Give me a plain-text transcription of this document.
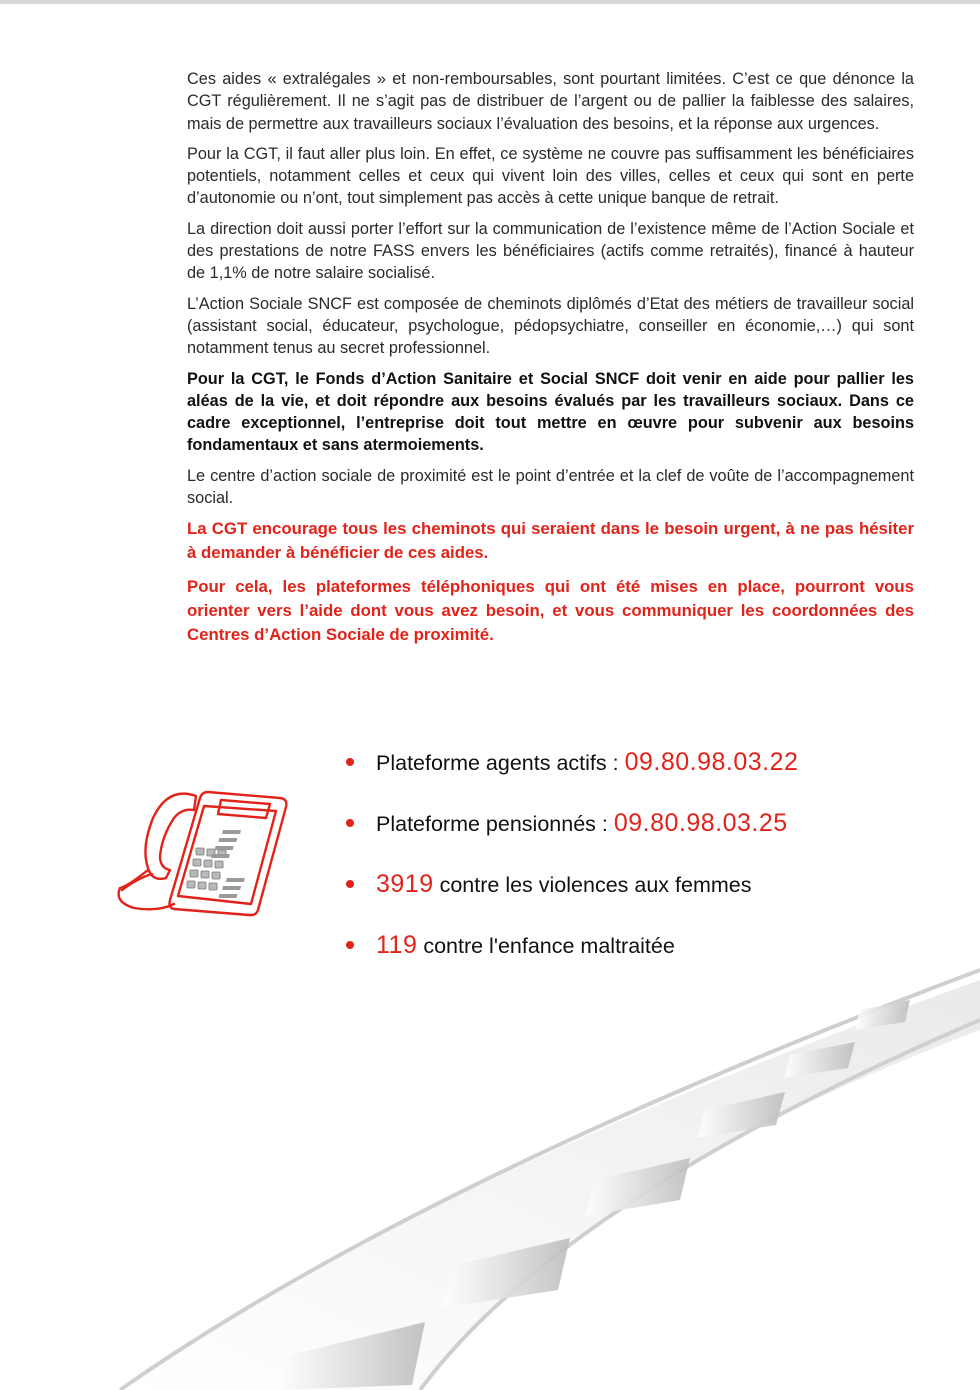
Ces aides « extralégales » et non-remboursables, sont pourtant limitées. C’est ce que dénonce la CGT régulièrement. Il ne s’agit pas de distribuer de l’argent ou de pallier la faiblesse des salaires, mais de permettre aux travailleurs sociaux l’évaluation des besoins, et la réponse aux urgences.

Pour la CGT, il faut aller plus loin. En effet, ce système ne couvre pas suffisamment les bénéficiaires potentiels, notamment celles et ceux qui vivent loin des villes, celles et ceux qui sont en perte d’autonomie ou n’ont, tout simplement pas accès à cette unique banque de retrait.

La direction doit aussi porter l’effort sur la communication de l’existence même de l’Action Sociale et des prestations de notre FASS envers les bénéficiaires (actifs comme retraités), financé à hauteur de 1,1% de notre salaire socialisé.

L’Action Sociale SNCF est composée de cheminots diplômés d’Etat des métiers de travailleur social (assistant social, éducateur, psychologue, pédopsychiatre, conseiller en économie,…) qui sont notamment tenus au secret professionnel.

Pour la CGT, le Fonds d’Action Sanitaire et Social SNCF doit venir en aide pour pallier les aléas de la vie, et doit répondre aux besoins évalués par les travailleurs sociaux. Dans ce cadre exceptionnel, l’entreprise doit tout mettre en œuvre pour subvenir aux besoins fondamentaux et sans atermoiements.

Le centre d’action sociale de proximité est le point d’entrée et la clef de voûte de l’accompagnement social.

La CGT encourage tous les cheminots qui seraient dans le besoin urgent, à ne pas hésiter à demander à bénéficier de ces aides.

Pour cela, les plateformes téléphoniques qui ont été mises en place, pourront vous orienter vers l’aide dont vous avez besoin, et vous communiquer les coordonnées des Centres d’Action Sociale de proximité.

Plateforme agents actifs : 09.80.98.03.22
Plateforme pensionnés : 09.80.98.03.25
3919 contre les violences aux femmes
119 contre l'enfance maltraitée
